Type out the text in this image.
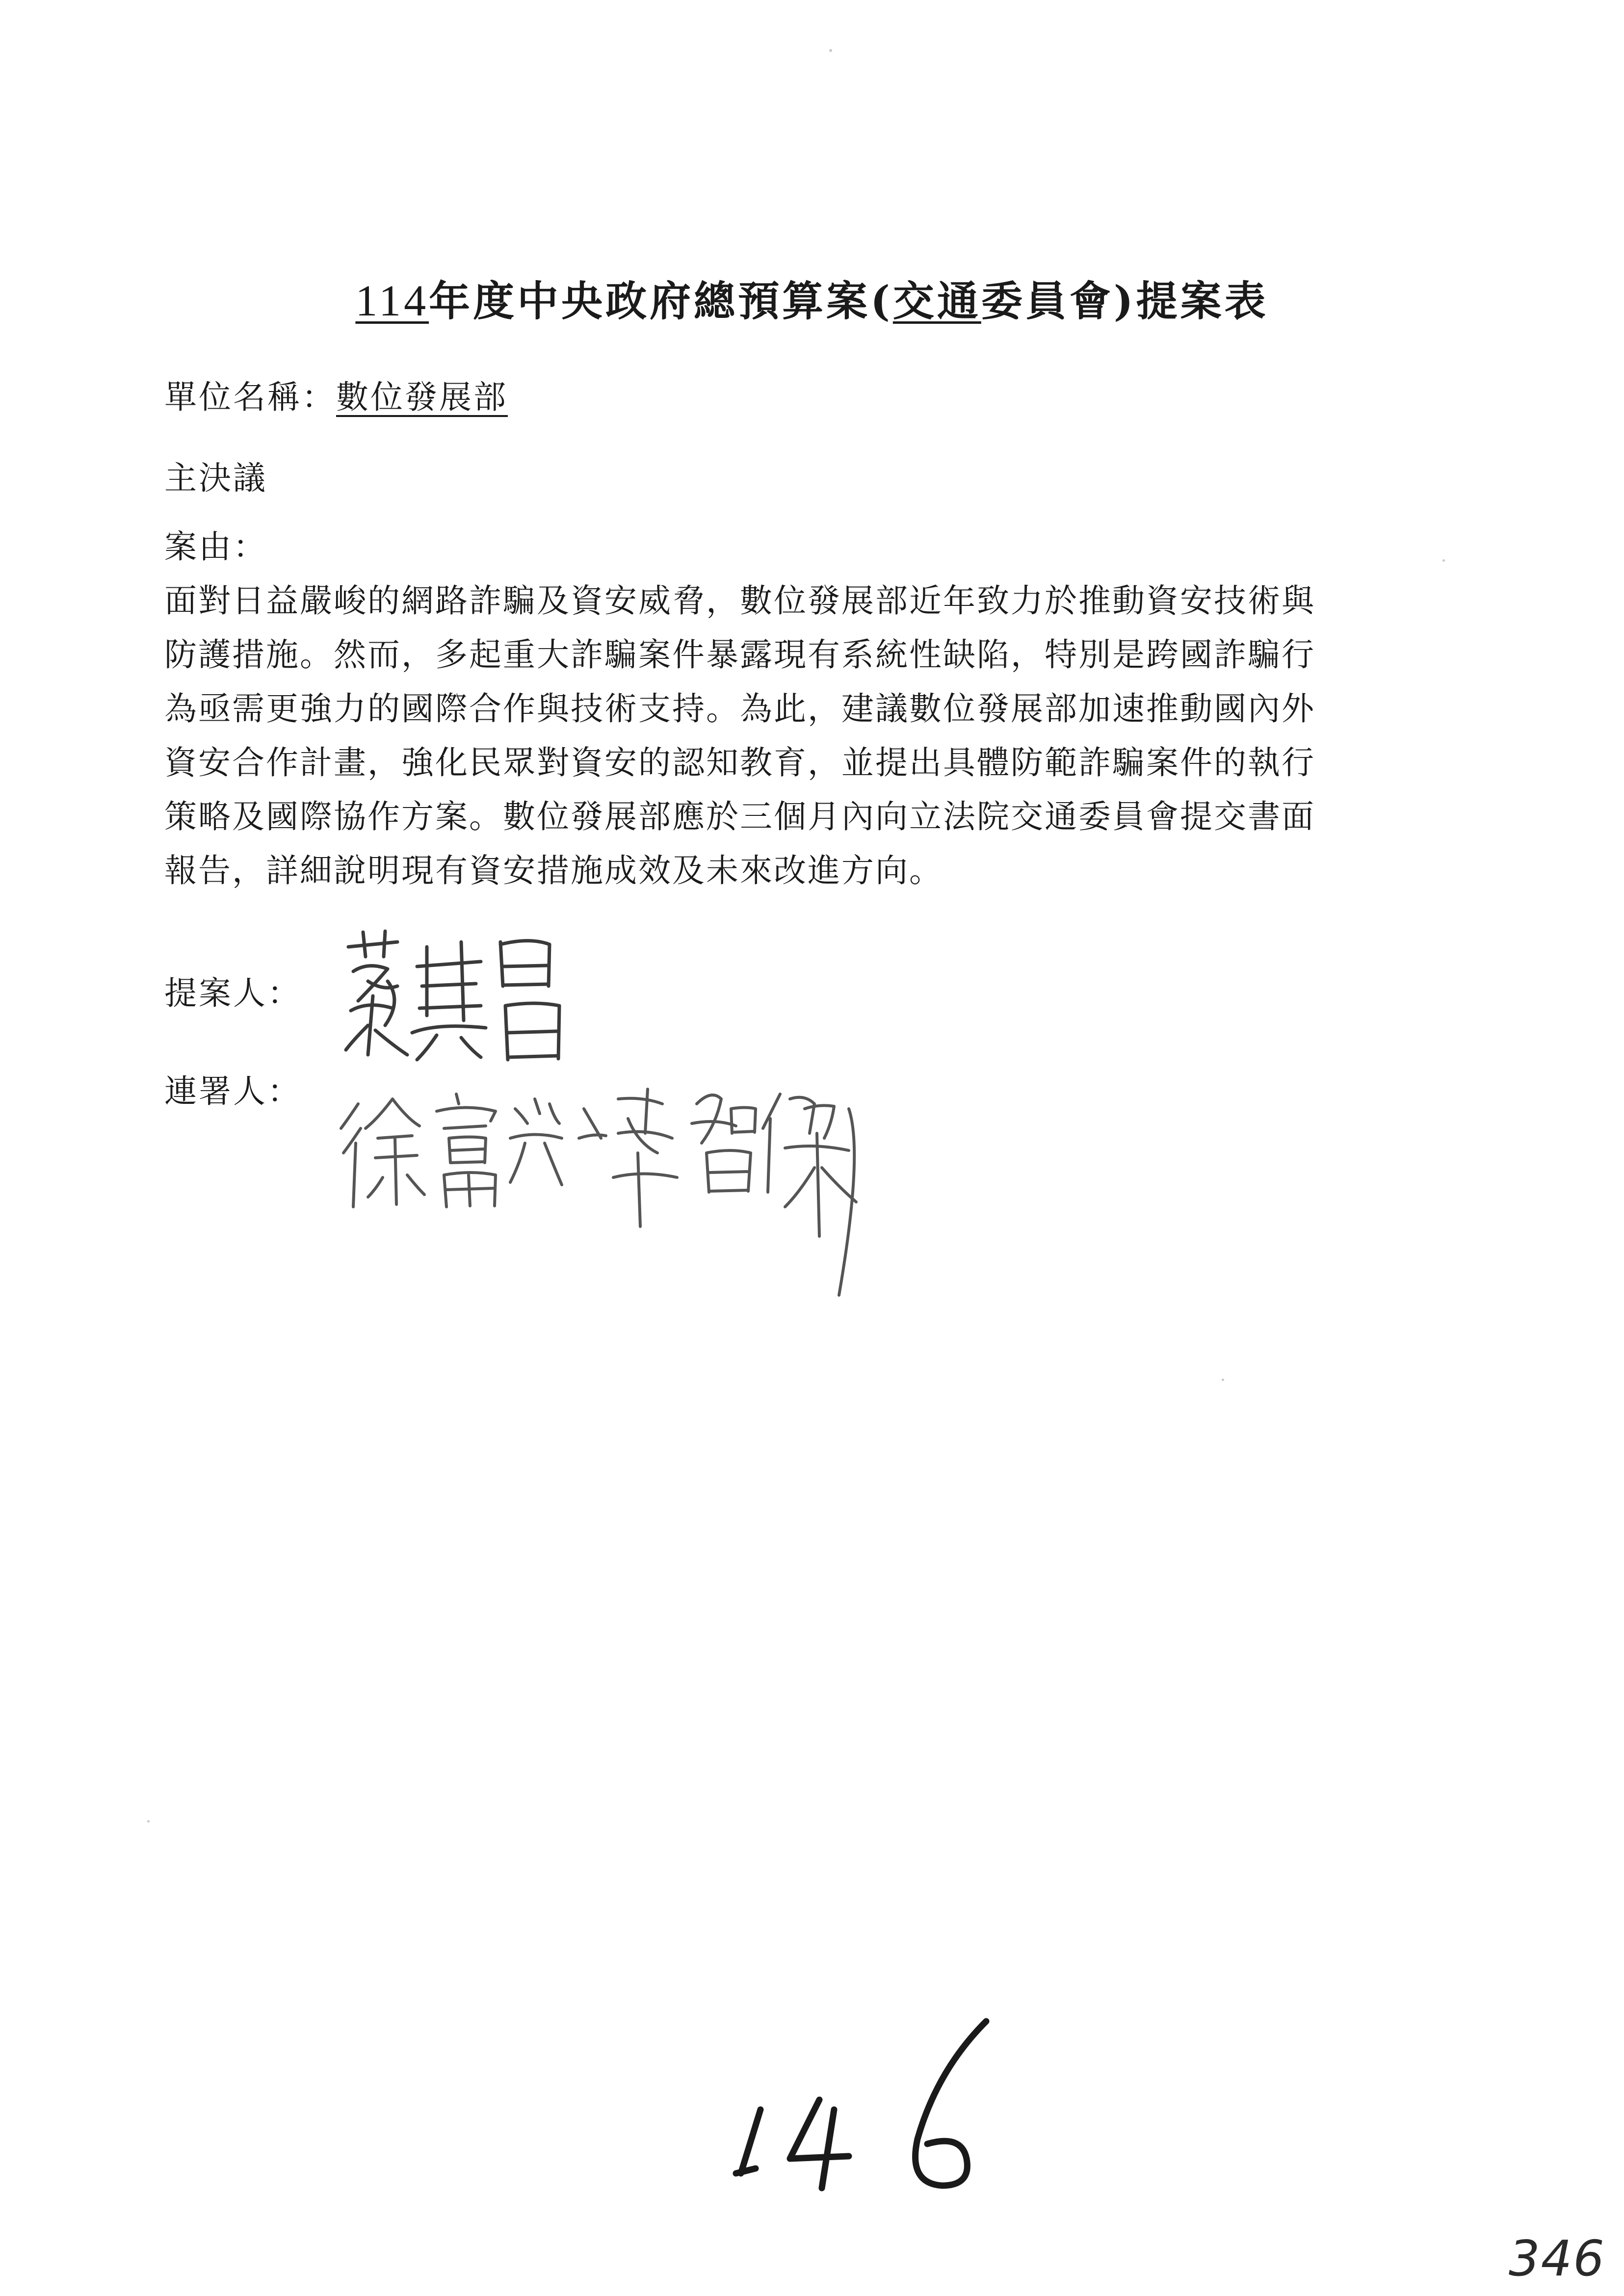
114年度中央政府總預算案(交通委員會)提案表
單位名稱：數位發展部
主決議
案由：

面對日益嚴峻的網路詐騙及資安威脅，數位發展部近年致力於推動資安技術與

防護措施。然而，多起重大詐騙案件暴露現有系統性缺陷，特別是跨國詐騙行

為亟需更強力的國際合作與技術支持。為此，建議數位發展部加速推動國內外

資安合作計畫，強化民眾對資安的認知教育，並提出具體防範詐騙案件的執行

策略及國際協作方案。數位發展部應於三個月內向立法院交通委員會提交書面

報告，詳細說明現有資安措施成效及未來改進方向。

提案人：
連署人：
346
